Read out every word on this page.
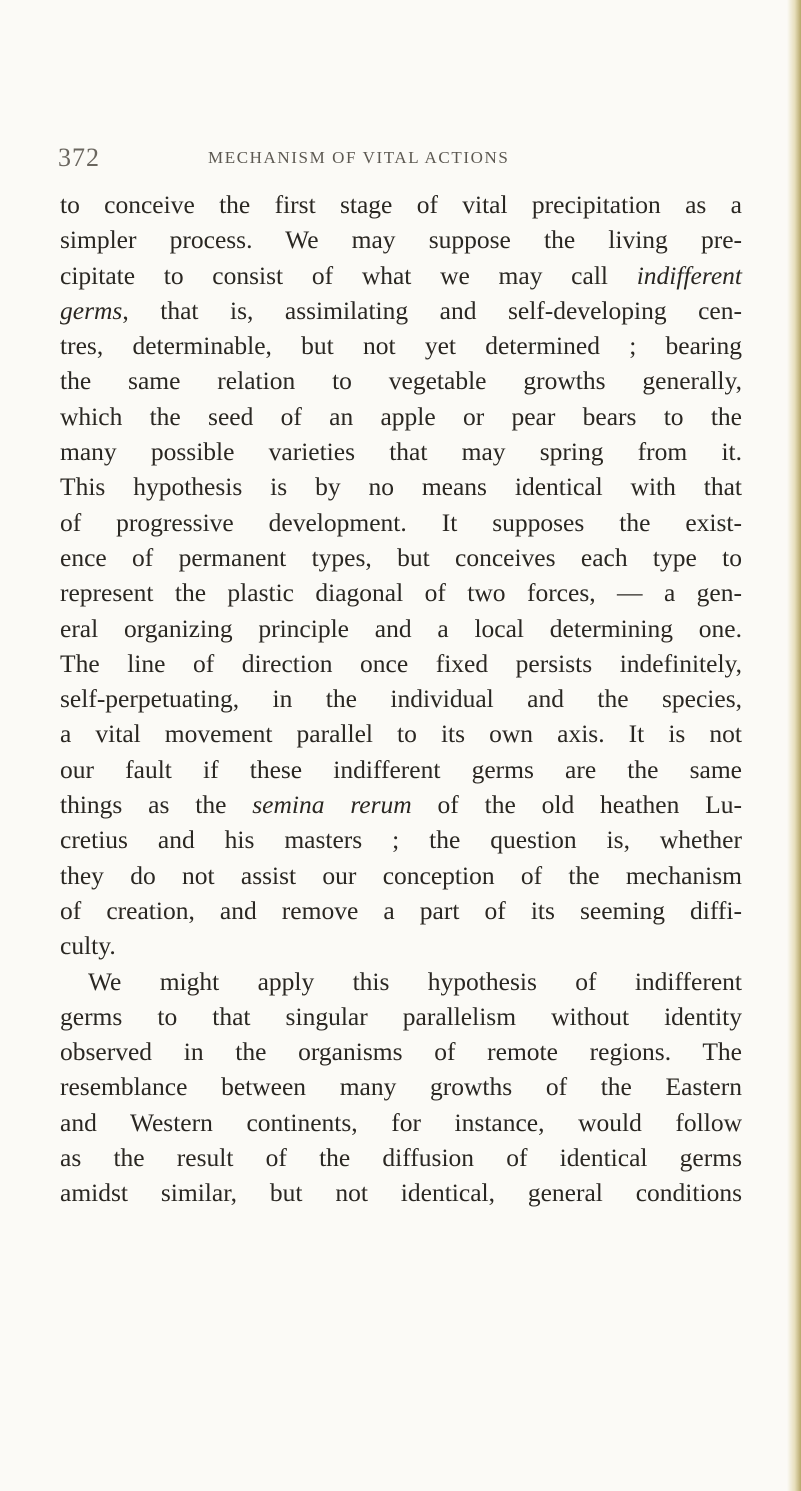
372	MECHANISM OF VITAL ACTIONS
to conceive the first stage of vital precipitation as a
simpler process. We may suppose the living pre-
cipitate to consist of what we may call indifferent
germs, that is, assimilating and self-developing cen-
tres, determinable, but not yet determined ; bearing
the same relation to vegetable growths generally,
which the seed of an apple or pear bears to the
many possible varieties that may spring from it.
This hypothesis is by no means identical with that
of progressive development. It supposes the exist-
ence of permanent types, but conceives each type to
represent the plastic diagonal of two forces, — a gen-
eral organizing principle and a local determining one.
The line of direction once fixed persists indefinitely,
self-perpetuating, in the individual and the species,
a vital movement parallel to its own axis. It is not
our fault if these indifferent germs are the same
things as the semina rerum of the old heathen Lu-
cretius and his masters ; the question is, whether
they do not assist our conception of the mechanism
of creation, and remove a part of its seeming diffi-
culty.
We might apply this hypothesis of indifferent
germs to that singular parallelism without identity
observed in the organisms of remote regions. The
resemblance between many growths of the Eastern
and Western continents, for instance, would follow
as the result of the diffusion of identical germs
amidst similar, but not identical, general conditions
